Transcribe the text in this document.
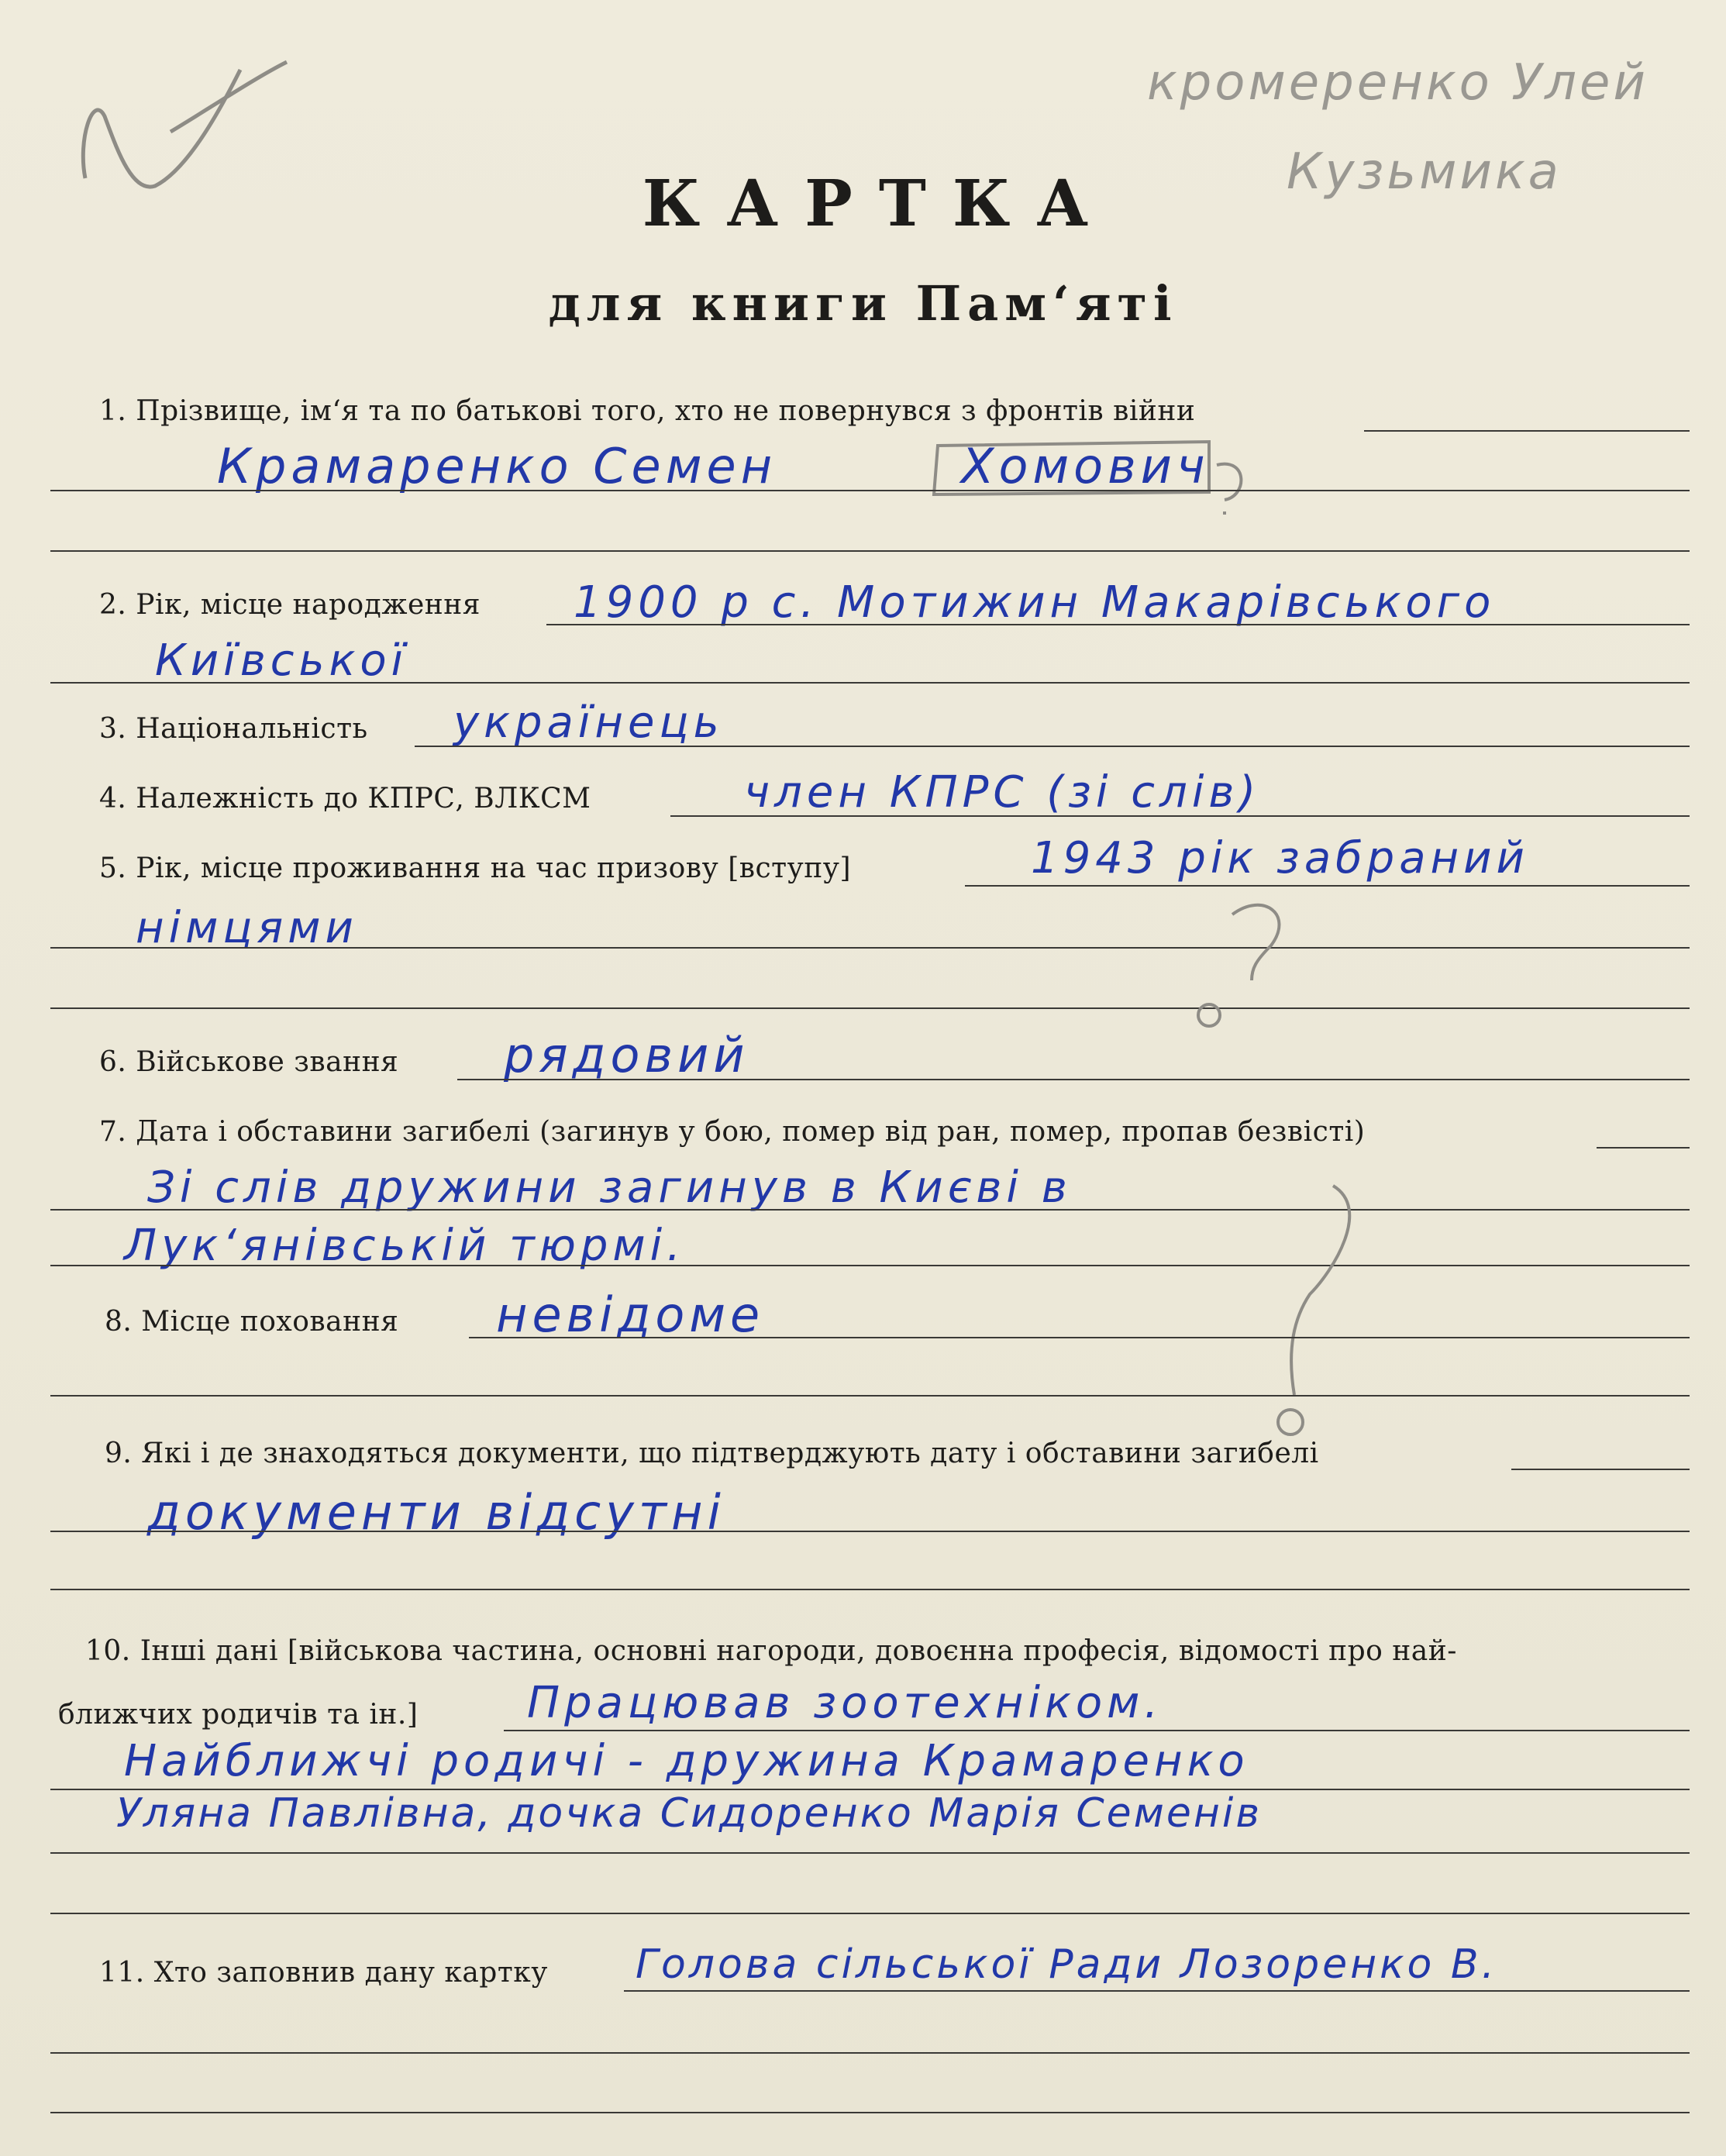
кромеренко Улей
Кузьмика
КАРТКА
для книги Пам‘яті
1. Прізвище, ім‘я та по батькові того, хто не повернувся з фронтів війни
Крамаренко Семен	Хомович
2. Рік, місце народження 1900 р с. Мотижин Макарівського
Київської
3. Національність українець
4. Належність до КПРС, ВЛКСМ	член КПРС (зі слів)
5. Рік, місце проживання на час призову [вступу]	1943 рік забраний
німцями
6. Військове звання рядовий
7. Дата і обставини загибелі (загинув у бою, помер від ран, помер, пропав безвісті)
Зі слів дружини загинув в Києві в
Лук‘янівській тюрмі.
8. Місце поховання невідоме
9. Які і де знаходяться документи, що підтверджують дату і обставини загибелі
документи відсутні
10. Інші дані [військова частина, основні нагороди, довоєнна професія, відомості про най-
ближчих родичів та ін.]	Працював зоотехніком.
Найближчі родичі - дружина Крамаренко
Уляна Павлівна, дочка Сидоренко Марія Семенів
11. Хто заповнив дану картку Голова сільської Ради Лозоренко В.
